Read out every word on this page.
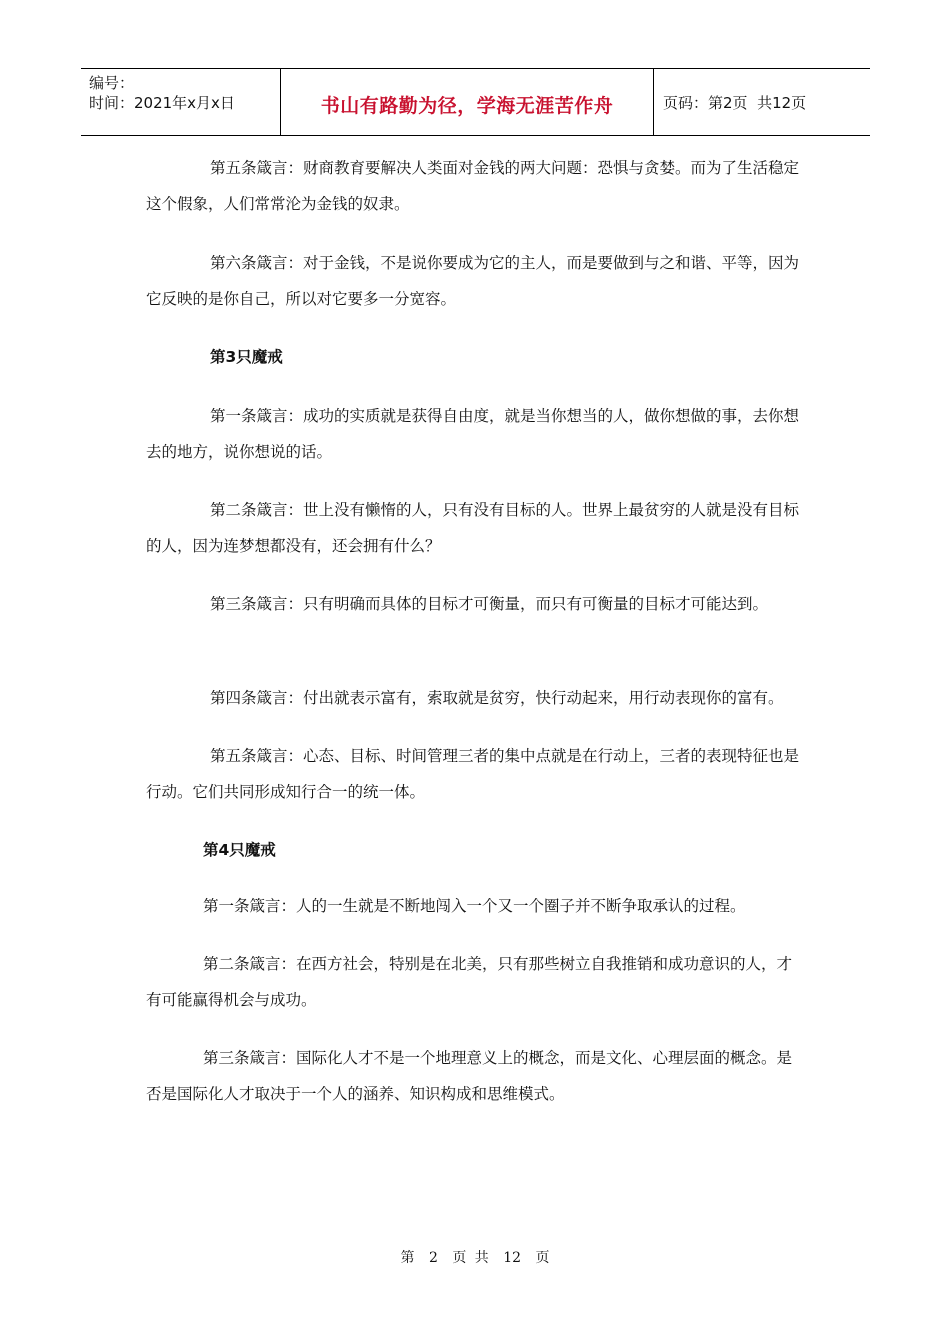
编号：
时间：2021年x月x日	书山有路勤为径，学海无涯苦作舟	页码：第2页  共12页

第五条箴言：财商教育要解决人类面对金钱的两大问题：恐惧与贪婪。而为了生活稳定这个假象，人们常常沦为金钱的奴隶。

第六条箴言：对于金钱，不是说你要成为它的主人，而是要做到与之和谐、平等，因为它反映的是你自己，所以对它要多一分宽容。

第3只魔戒

第一条箴言：成功的实质就是获得自由度，就是当你想当的人，做你想做的事，去你想去的地方，说你想说的话。

第二条箴言：世上没有懒惰的人，只有没有目标的人。世界上最贫穷的人就是没有目标的人，因为连梦想都没有，还会拥有什么？

第三条箴言：只有明确而具体的目标才可衡量，而只有可衡量的目标才可能达到。

第四条箴言：付出就表示富有，索取就是贫穷，快行动起来，用行动表现你的富有。

第五条箴言：心态、目标、时间管理三者的集中点就是在行动上，三者的表现特征也是行动。它们共同形成知行合一的统一体。

第4只魔戒

第一条箴言：人的一生就是不断地闯入一个又一个圈子并不断争取承认的过程。

第二条箴言：在西方社会，特别是在北美，只有那些树立自我推销和成功意识的人，才有可能赢得机会与成功。

第三条箴言：国际化人才不是一个地理意义上的概念，而是文化、心理层面的概念。是否是国际化人才取决于一个人的涵养、知识构成和思维模式。

第 2 页 共 12 页
